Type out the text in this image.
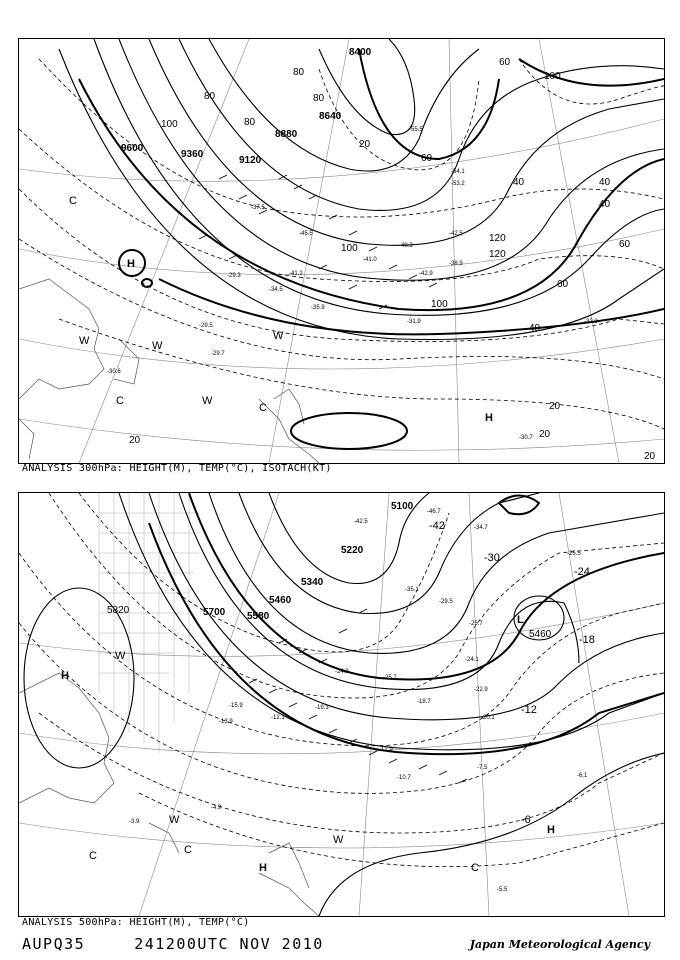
8400
8640
8880
9120
9360
9600
80
80
80
100
100
120
120
100
100
60
60
40
40
40
20
20
20
20
60
40
60
80
20
-54.1
-53.2
-48.3
-42.9
-45.5
-38.9
-41.2
-34.5
-31.9	-32.3
-29.5
-30.7
-55.5
-42.5
-29.7
-30.6
-41.0
-35.9
-29.3
-37.5
H
H
C
W	W
C	W
W
C
ANALYSIS 300hPa: HEIGHT(M), TEMP(°C), ISOTACH(KT)
5100
5220
5340
5460
5580
5700
5820
5460
-42
-30
-24
-18
-12
-6
-46.7
-34.7
-42.5
-25.5
-35.1
-29.5
-25.7
-22.9
-24.1
-20.1
-18.7
-12.9
-10.7
-7.5
-6.1
-5.5
-13.9
-4.9
-3.9
-24.3
-25.7
-19.3
-15.9
-12.1
H
W
L
C	C
W
H	C
H
W
ANALYSIS 500hPa: HEIGHT(M), TEMP(°C)
AUPQ35	241200UTC NOV 2010	Japan Meteorological Agency
